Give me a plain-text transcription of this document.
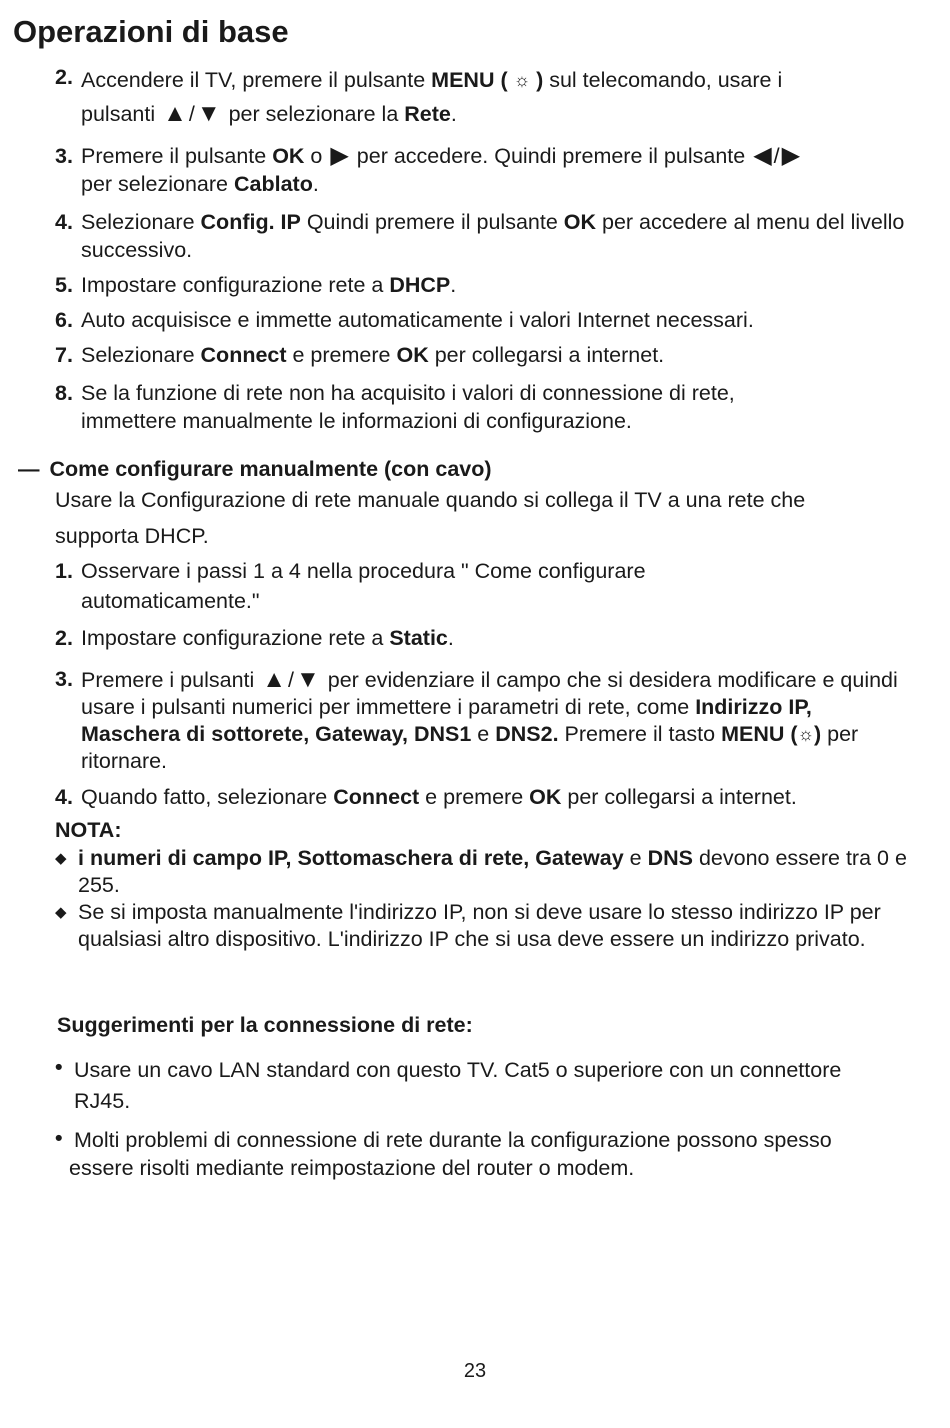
Operazioni di base
2. Accendere il TV, premere il pulsante MENU ( ☼ ) sul telecomando, usare i
pulsanti ▲/▼ per selezionare la Rete.
3. Premere il pulsante OK o ▶ per accedere. Quindi premere il pulsante ◀/▶
per selezionare Cablato.
4. Selezionare Config. IP Quindi premere il pulsante OK per accedere al menu del livello successivo.
5. Impostare configurazione rete a DHCP.
6. Auto acquisisce e immette automaticamente i valori Internet necessari.
7. Selezionare Connect e premere OK per collegarsi a internet.
8. Se la funzione di rete non ha acquisito i valori di connessione di rete,
immettere manualmente le informazioni di configurazione.
— Come configurare manualmente (con cavo)
Usare la Configurazione di rete manuale quando si collega il TV a una rete che
supporta DHCP.
1. Osservare i passi 1 a 4 nella procedura " Come configurare
automaticamente."
2. Impostare configurazione rete a Static.
3. Premere i pulsanti ▲/▼ per evidenziare il campo che si desidera modificare e quindi usare i pulsanti numerici per immettere i parametri di rete, come Indirizzo IP, Maschera di sottorete, Gateway, DNS1 e DNS2. Premere il tasto MENU (☼) per ritornare.
4. Quando fatto, selezionare Connect e premere OK per collegarsi a internet.
NOTA:
◆ i numeri di campo IP, Sottomaschera di rete, Gateway e DNS devono essere tra 0 e 255.
◆ Se si imposta manualmente l'indirizzo IP, non si deve usare lo stesso indirizzo IP per qualsiasi altro dispositivo. L'indirizzo IP che si usa deve essere un indirizzo privato.
Suggerimenti per la connessione di rete:
• Usare un cavo LAN standard con questo TV. Cat5 o superiore con un connettore
RJ45.
• Molti problemi di connessione di rete durante la configurazione possono spesso
essere risolti mediante reimpostazione del router o modem.
23
